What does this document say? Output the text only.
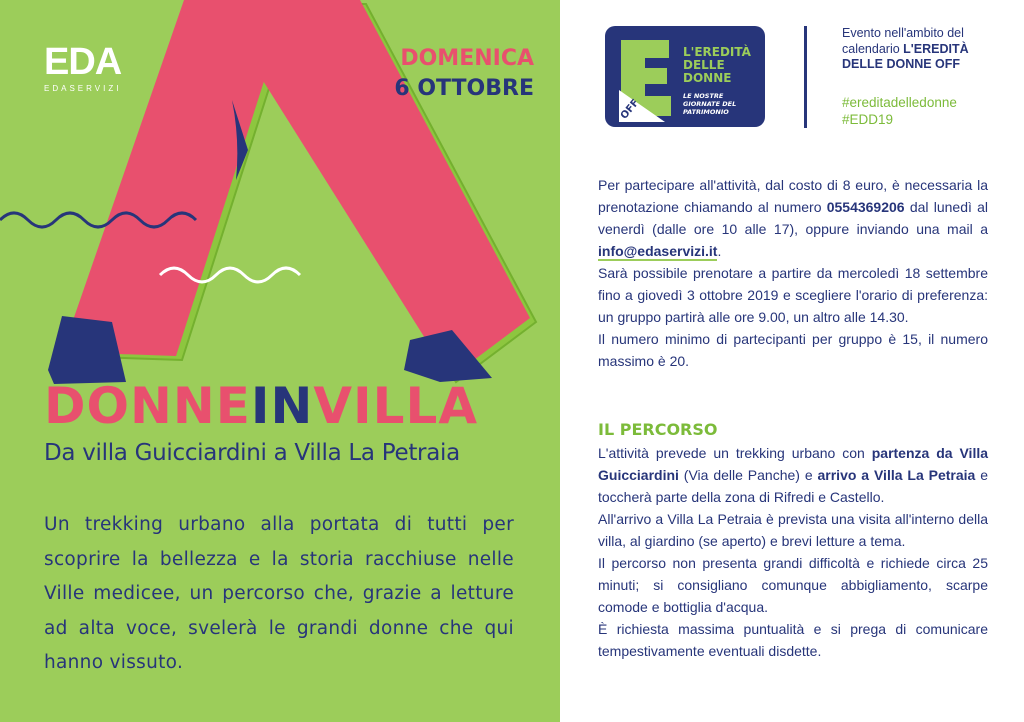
EDA
EDASERVIZI
DOMENICA
6 OTTOBRE
DONNEINVILLA
Da villa Guicciardini a Villa La Petraia
Un trekking urbano alla portata di tutti per scoprire la bellezza e la storia racchiuse nelle Ville medicee, un percorso che, grazie a letture ad alta voce, svelerà le grandi donne che qui hanno vissuto.
OFF
L'EREDITÀ
DELLE
DONNE
LE NOSTRE
GIORNATE DEL
PATRIMONIO
Evento nell'ambito del calendario L'EREDITÀ DELLE DONNE OFF
#ereditadelledonne
#EDD19

Per partecipare all'attività, dal costo di 8 euro, è necessaria la prenotazione chiamando al numero 0554369206 dal lunedì al venerdì (dalle ore 10 alle 17), oppure inviando una mail a info@edaservizi.it.

Sarà possibile prenotare a partire da mercoledì 18 settembre fino a giovedì 3 ottobre 2019 e scegliere l'orario di preferenza: un gruppo partirà alle ore 9.00, un altro alle 14.30.

Il numero minimo di partecipanti per gruppo è 15, il numero massimo è 20.

IL PERCORSO

L'attività prevede un trekking urbano con partenza da Villa Guicciardini (Via delle Panche) e arrivo a Villa La Petraia e toccherà parte della zona di Rifredi e Castello.

All'arrivo a Villa La Petraia è prevista una visita all'interno della villa, al giardino (se aperto) e brevi letture a tema.

Il percorso non presenta grandi difficoltà e richiede circa 25 minuti; si consigliano comunque abbigliamento, scarpe comode e bottiglia d'acqua.

È richiesta massima puntualità e si prega di comunicare tempestivamente eventuali disdette.
